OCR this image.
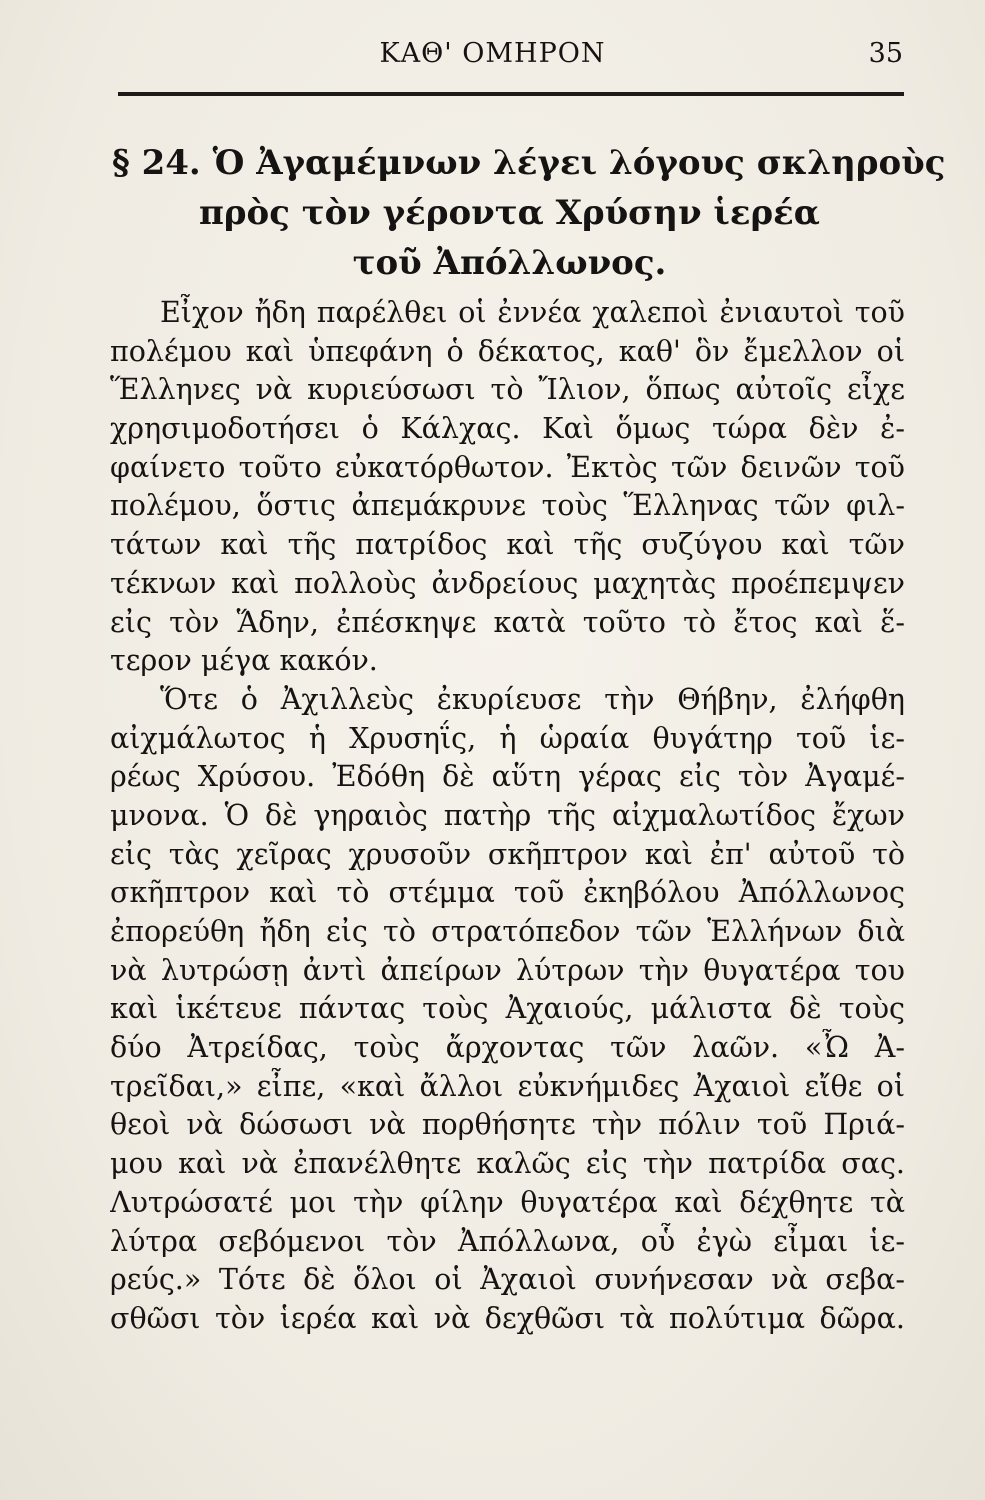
ΚΑΘ' ΟΜΗΡΟΝ	35
§ 24. Ὁ Ἀγαμέμνων λέγει λόγους σκληροὺς
πρὸς τὸν γέροντα Χρύσην ἱερέα
τοῦ Ἀπόλλωνος.
Εἶχον ἤδη παρέλθει οἱ ἐννέα χαλεποὶ ἐνιαυτοὶ τοῦ
πολέμου καὶ ὑπεφάνη ὁ δέκατος, καθ' ὃν ἔμελλον οἱ
Ἕλληνες νὰ κυριεύσωσι τὸ Ἴλιον, ὅπως αὐτοῖς εἶχε
χρησιμοδοτήσει ὁ Κάλχας. Καὶ ὅμως τώρα δὲν ἐ-
φαίνετο τοῦτο εὐκατόρθωτον. Ἐκτὸς τῶν δεινῶν τοῦ
πολέμου, ὅστις ἀπεμάκρυνε τοὺς Ἕλληνας τῶν φιλ-
τάτων καὶ τῆς πατρίδος καὶ τῆς συζύγου καὶ τῶν
τέκνων καὶ πολλοὺς ἀνδρείους μαχητὰς προέπεμψεν
εἰς τὸν Ἅδην, ἐπέσκηψε κατὰ τοῦτο τὸ ἔτος καὶ ἕ-
τερον μέγα κακόν.
Ὅτε ὁ Ἀχιλλεὺς ἐκυρίευσε τὴν Θήβην, ἐλήφθη
αἰχμάλωτος ἡ Χρυσηΐς, ἡ ὡραία θυγάτηρ τοῦ ἱε-
ρέως Χρύσου. Ἐδόθη δὲ αὕτη γέρας εἰς τὸν Ἀγαμέ-
μνονα. Ὁ δὲ γηραιὸς πατὴρ τῆς αἰχμαλωτίδος ἔχων
εἰς τὰς χεῖρας χρυσοῦν σκῆπτρον καὶ ἐπ' αὐτοῦ τὸ
σκῆπτρον καὶ τὸ στέμμα τοῦ ἐκηβόλου Ἀπόλλωνος
ἐπορεύθη ἤδη εἰς τὸ στρατόπεδον τῶν Ἑλλήνων διὰ
νὰ λυτρώσῃ ἀντὶ ἀπείρων λύτρων τὴν θυγατέρα του
καὶ ἱκέτευε πάντας τοὺς Ἀχαιούς, μάλιστα δὲ τοὺς
δύο Ἀτρείδας, τοὺς ἄρχοντας τῶν λαῶν. «Ὦ Ἀ-
τρεῖδαι,» εἶπε, «καὶ ἄλλοι εὐκνήμιδες Ἀχαιοὶ εἴθε οἱ
θεοὶ νὰ δώσωσι νὰ πορθήσητε τὴν πόλιν τοῦ Πριά-
μου καὶ νὰ ἐπανέλθητε καλῶς εἰς τὴν πατρίδα σας.
Λυτρώσατέ μοι τὴν φίλην θυγατέρα καὶ δέχθητε τὰ
λύτρα σεβόμενοι τὸν Ἀπόλλωνα, οὗ ἐγὼ εἶμαι ἱε-
ρεύς.» Τότε δὲ ὅλοι οἱ Ἀχαιοὶ συνήνεσαν νὰ σεβα-
σθῶσι τὸν ἱερέα καὶ νὰ δεχθῶσι τὰ πολύτιμα δῶρα.
